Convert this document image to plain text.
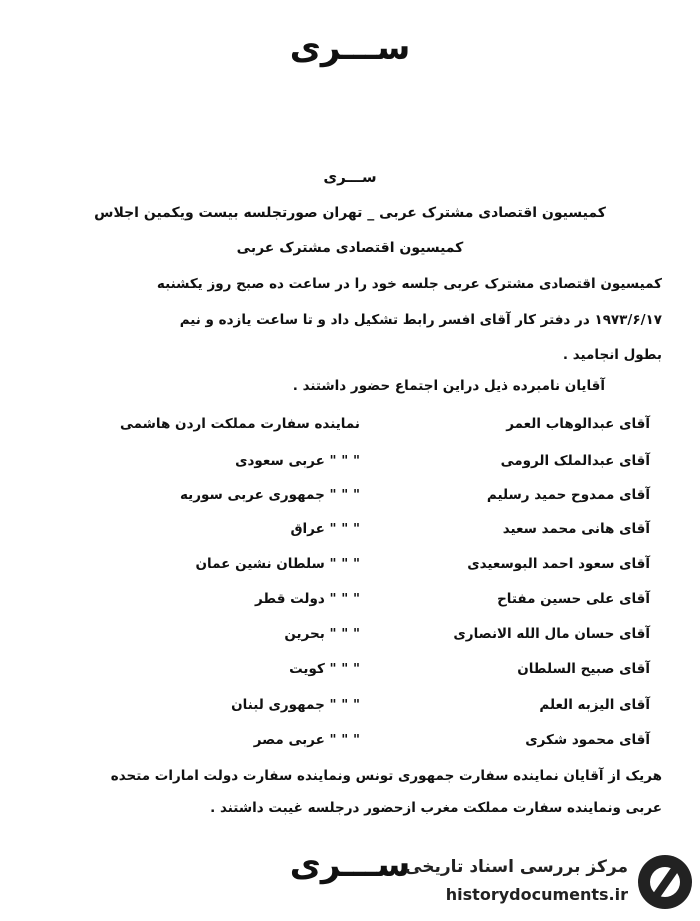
ســـری
ســـری
کمیسیون اقتصادی مشترک عربی _ تهران صورتجلسه بیست ویکمین اجلاس
کمیسیون اقتصادی مشترک عربی
کمیسیون اقتصادی مشترک عربی جلسه خود را در ساعت ده صبح روز یکشنبه
۱۹۷۳/۶/۱۷ در دفتر کار آقای افسر رابط تشکیل داد و تا ساعت یازده و نیم
بطول انجامید .
آقایان نامبرده ذیل دراین اجتماع حضور داشتند .
آقای عبدالوهاب العمر
نماینده سفارت مملکت اردن هاشمی
آقای عبدالملک الرومی
" " " عربی سعودی
آقای ممدوح حمید رسلیم
" " " جمهوری عربی سوریه
آقای هانی محمد سعید
" " " عراق
آقای سعود احمد البوسعیدی
" " " سلطان نشین عمان
آقای علی حسین مفتاح
" " " دولت قطر
آقای حسان مال الله الانصاری
" " " بحرین
آقای صبیح السلطان
" " " کویت
آقای الیزبه العلم
" " " جمهوری لبنان
آقای محمود شکری
" " " عربی مصر
هریک از آقایان نماینده سفارت جمهوری تونس ونماینده سفارت دولت امارات متحده
عربی ونماینده سفارت مملکت مغرب ازحضور درجلسه غیبت داشتند .
ســـری
مرکز بررسی اسناد تاریخی
historydocuments.ir
